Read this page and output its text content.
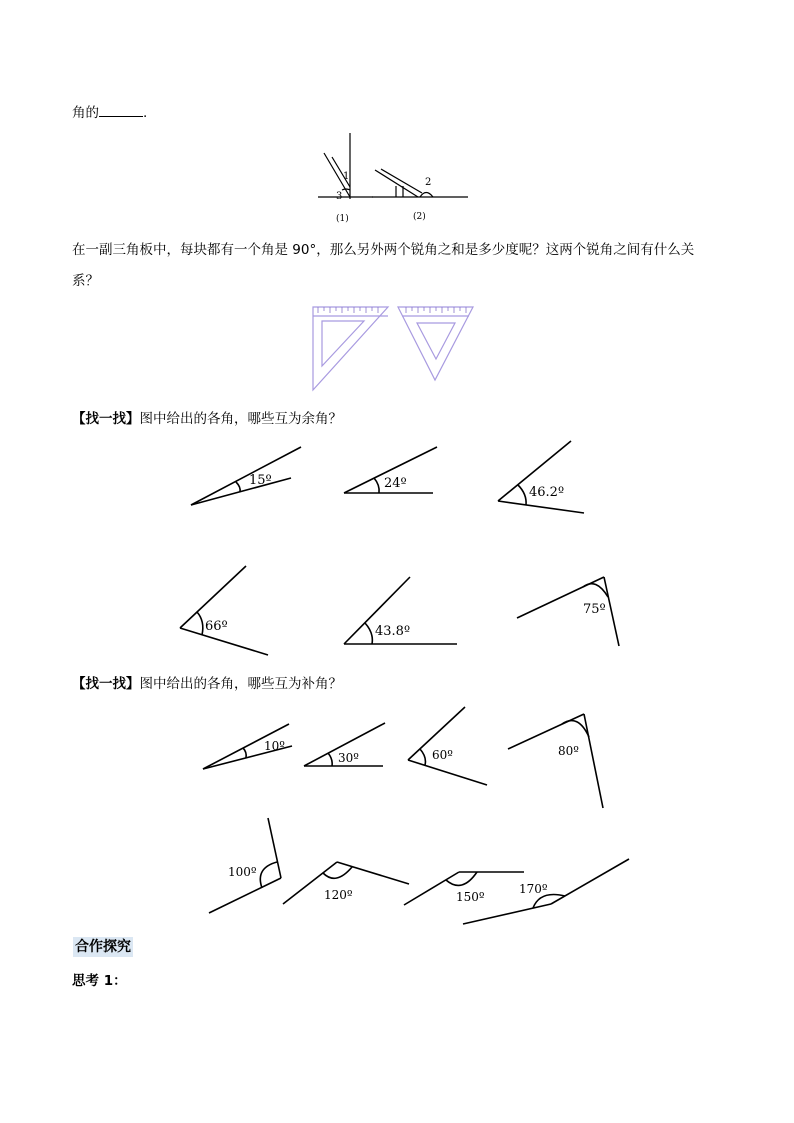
角的	.
1
3
2
(1)	(2)
在一副三角板中，每块都有一个角是 90°，那么另外两个锐角之和是多少度呢？这两个锐角之间有什么关
系？
【找一找】图中给出的各角，哪些互为余角？
15º	24º
46.2º
66º	43.8º
75º
【找一找】图中给出的各角，哪些互为补角？
10º
30º	60º	80º
100º
120º	150º
170º
合作探究
思考 1：
